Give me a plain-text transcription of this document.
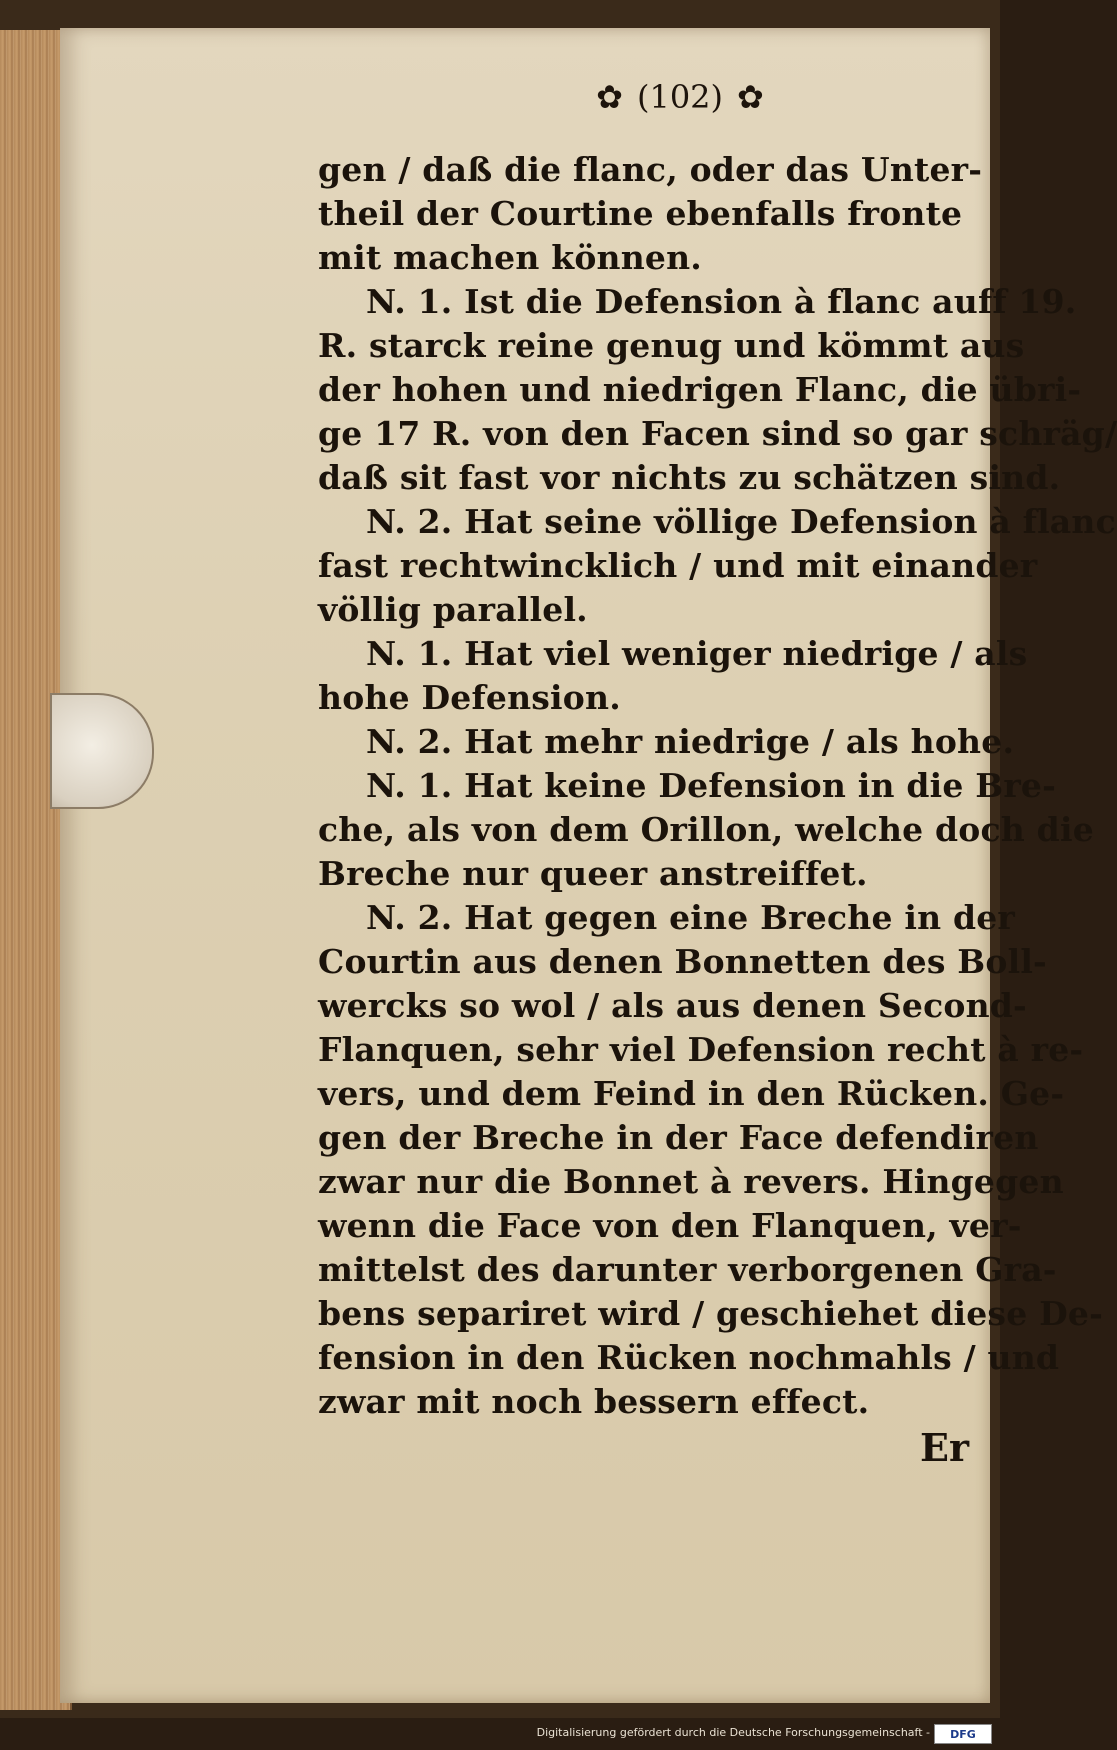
✿ (102) ✿
gen / daß die flanc, oder das Unter-
theil der Courtine ebenfalls fronte
mit machen können.
N. 1. Ist die Defension à flanc auff 19.
R. starck reine genug und kömmt aus
der hohen und niedrigen Flanc, die übri-
ge 17 R. von den Facen sind so gar schräg/
daß sit fast vor nichts zu schätzen sind.
N. 2. Hat seine völlige Defension à flanc
fast rechtwincklich / und mit einander
völlig parallel.
N. 1. Hat viel weniger niedrige / als
hohe Defension.
N. 2. Hat mehr niedrige / als hohe.
N. 1. Hat keine Defension in die Bre-
che, als von dem Orillon, welche doch die
Breche nur queer anstreiffet.
N. 2. Hat gegen eine Breche in der
Courtin aus denen Bonnetten des Boll-
wercks so wol / als aus denen Second-
Flanquen, sehr viel Defension recht à re-
vers, und dem Feind in den Rücken. Ge-
gen der Breche in der Face defendiren
zwar nur die Bonnet à revers. Hingegen
wenn die Face von den Flanquen, ver-
mittelst des darunter verborgenen Gra-
bens separiret wird / geschiehet diese De-
fension in den Rücken nochmahls / und
zwar mit noch bessern effect.
Er
Digitalisierung gefördert durch die Deutsche Forschungsgemeinschaft -	DFG
